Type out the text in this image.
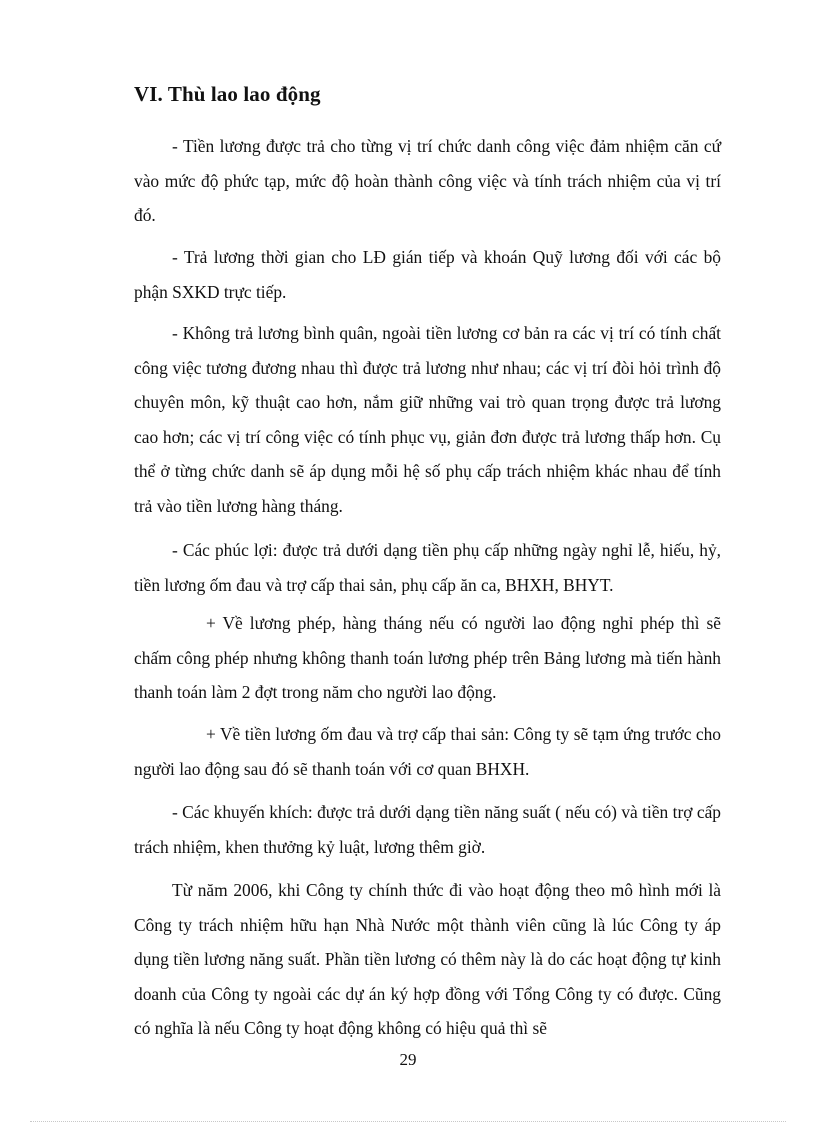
VI. Thù lao lao động

- Tiền lương được trả cho từng vị trí chức danh công việc đảm nhiệm căn cứ vào mức độ phức tạp, mức độ hoàn thành công việc và tính trách nhiệm của vị trí đó.

- Trả lương thời gian cho LĐ gián tiếp và khoán Quỹ lương đối với các bộ phận SXKD trực tiếp.

- Không trả lương bình quân, ngoài tiền lương cơ bản ra các vị trí có tính chất công việc tương đương nhau thì được trả lương như nhau; các vị trí đòi hỏi trình độ chuyên môn, kỹ thuật cao hơn, nắm giữ những vai trò quan trọng được trả lương cao hơn; các vị trí công việc có tính phục vụ, giản đơn được trả lương thấp hơn. Cụ thể ở từng chức danh sẽ áp dụng mỗi hệ số phụ cấp trách nhiệm khác nhau để tính trả vào tiền lương hàng tháng.

- Các phúc lợi: được trả dưới dạng tiền phụ cấp những ngày nghỉ lễ, hiếu, hỷ, tiền lương ốm đau và trợ cấp thai sản, phụ cấp ăn ca, BHXH, BHYT.

+ Về lương phép, hàng tháng nếu có người lao động nghỉ phép thì sẽ chấm công phép nhưng không thanh toán lương phép trên Bảng lương mà tiến hành thanh toán làm 2 đợt trong năm cho người lao động.

+ Về tiền lương ốm đau và trợ cấp thai sản: Công ty sẽ tạm ứng trước cho người lao động sau đó sẽ thanh toán với cơ quan BHXH.

- Các khuyến khích: được trả dưới dạng tiền năng suất ( nếu có) và tiền trợ cấp trách nhiệm, khen thưởng kỷ luật, lương thêm giờ.

Từ năm 2006, khi Công ty chính thức đi vào hoạt động theo mô hình mới là Công ty trách nhiệm hữu hạn Nhà Nước một thành viên cũng là lúc Công ty áp dụng tiền lương năng suất. Phần tiền lương có thêm này là do các hoạt động tự kinh doanh của Công ty ngoài các dự án ký hợp đồng với Tổng Công ty có được. Cũng có nghĩa là nếu Công ty hoạt động không có hiệu quả thì sẽ

29
